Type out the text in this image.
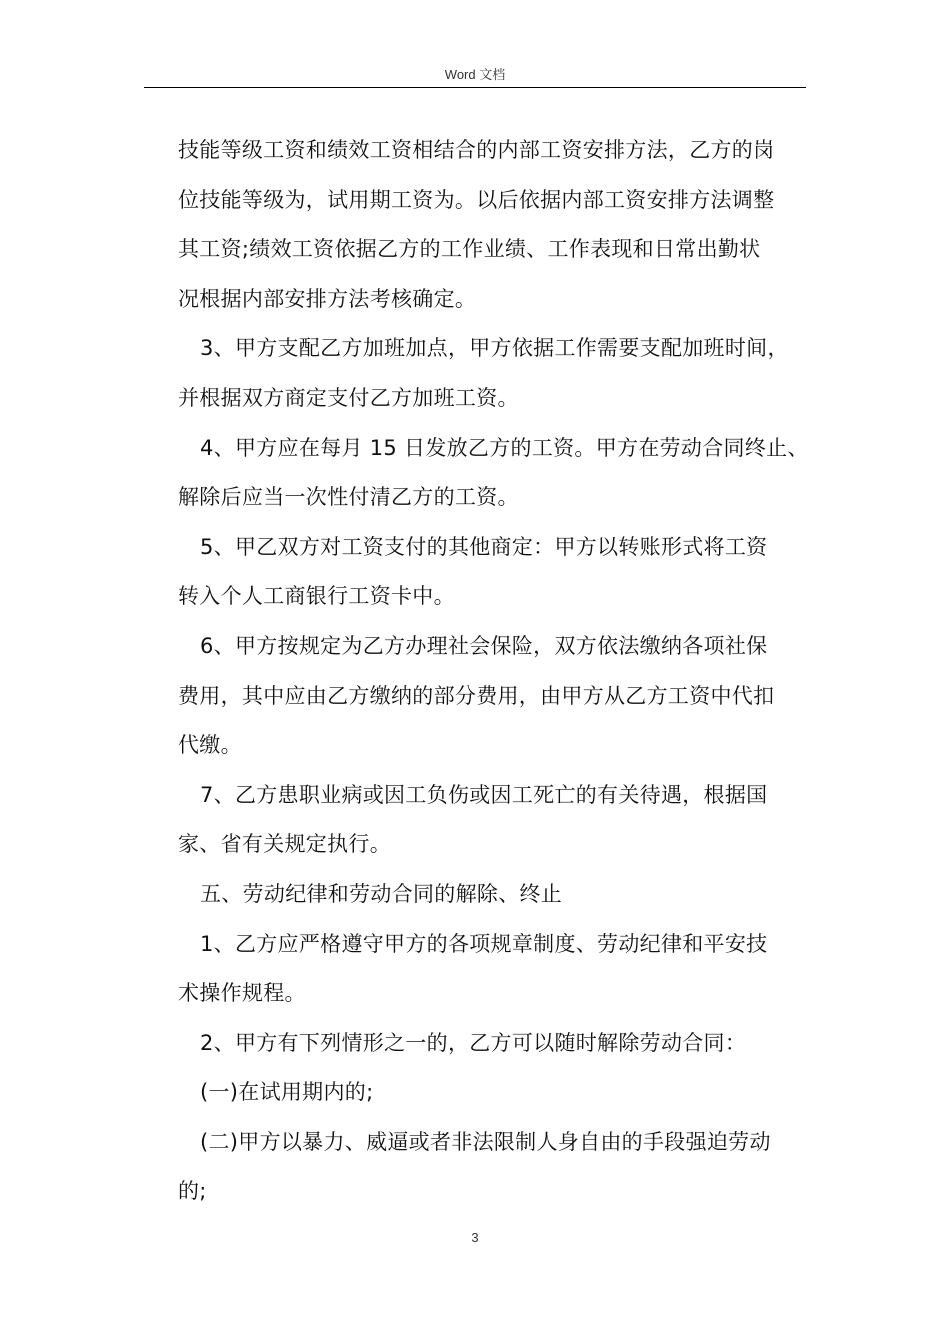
Word 文档
技能等级工资和绩效工资相结合的内部工资安排方法，乙方的岗
位技能等级为，试用期工资为。以后依据内部工资安排方法调整
其工资;绩效工资依据乙方的工作业绩、工作表现和日常出勤状
况根据内部安排方法考核确定。
3、甲方支配乙方加班加点，甲方依据工作需要支配加班时间，
并根据双方商定支付乙方加班工资。
4、甲方应在每月 15 日发放乙方的工资。甲方在劳动合同终止、
解除后应当一次性付清乙方的工资。
5、甲乙双方对工资支付的其他商定：甲方以转账形式将工资
转入个人工商银行工资卡中。
6、甲方按规定为乙方办理社会保险，双方依法缴纳各项社保
费用，其中应由乙方缴纳的部分费用，由甲方从乙方工资中代扣
代缴。
7、乙方患职业病或因工负伤或因工死亡的有关待遇，根据国
家、省有关规定执行。
五、劳动纪律和劳动合同的解除、终止
1、乙方应严格遵守甲方的各项规章制度、劳动纪律和平安技
术操作规程。
2、甲方有下列情形之一的，乙方可以随时解除劳动合同：
(一)在试用期内的;
(二)甲方以暴力、威逼或者非法限制人身自由的手段强迫劳动
的;
3
